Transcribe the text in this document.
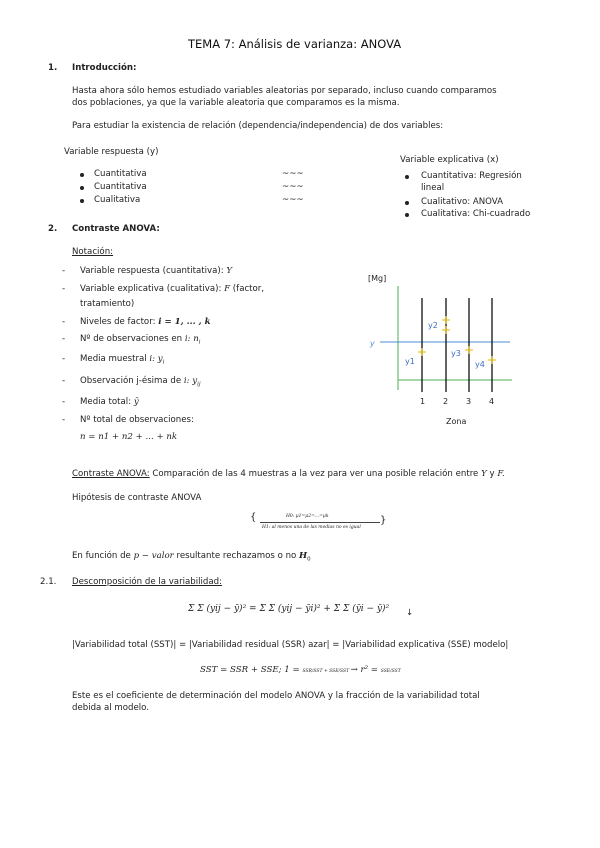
TEMA 7: Análisis de varianza: ANOVA
1. Introducción:
Hasta ahora sólo hemos estudiado variables aleatorias por separado, incluso cuando comparamos
dos poblaciones, ya que la variable aleatoria que comparamos es la misma.
Para estudiar la existencia de relación (dependencia/independencia) de dos variables:
Variable respuesta (y)
Cuantitativa
Cuantitativa
Cualitativa
~~~
~~~
~~~
Variable explicativa (x)
Cuantitativa: Regresión
lineal
Cualitativo: ANOVA
Cualitativa: Chi-cuadrado
2. Contraste ANOVA:
Notación:
- Variable respuesta (cuantitativa): Y
- Variable explicativa (cualitativa): F (factor,
tratamiento)
- Niveles de factor: i = 1, ... , k
- Nº de observaciones en i: $n_i$
- Media muestral i: $y_i$
- Observación j-ésima de i: $y_{ij}$
- Media total: ȳ
- Nº total de observaciones:
n = n1 + n2 + ... + nk
[Mg]
y
y1
y2
y3
y4
1 2 3 4
Zona
Contraste ANOVA: Comparación de las 4 muestras a la vez para ver una posible relación entre Y y F.
Hipótesis de contraste ANOVA
{	H0: μ1=μ2=...=μk
H1: al menos una de las medias no es igual
}
En función de p − valor resultante rechazamos o no $H_0$
2.1. Descomposición de la variabilidad:
Σ Σ (yij − ȳ)² = Σ Σ (yij − ȳi)² + Σ Σ (ȳi − ȳ)² ↓
|Variabilidad total (SST)| = |Variabilidad residual (SSR) azar| = |Variabilidad explicativa (SSE) modelo|
SST = SSR + SSE; 1 = SSR/SST + SSE/SST → r² = SSE/SST
Este es el coeficiente de determinación del modelo ANOVA y la fracción de la variabilidad total
debida al modelo.
